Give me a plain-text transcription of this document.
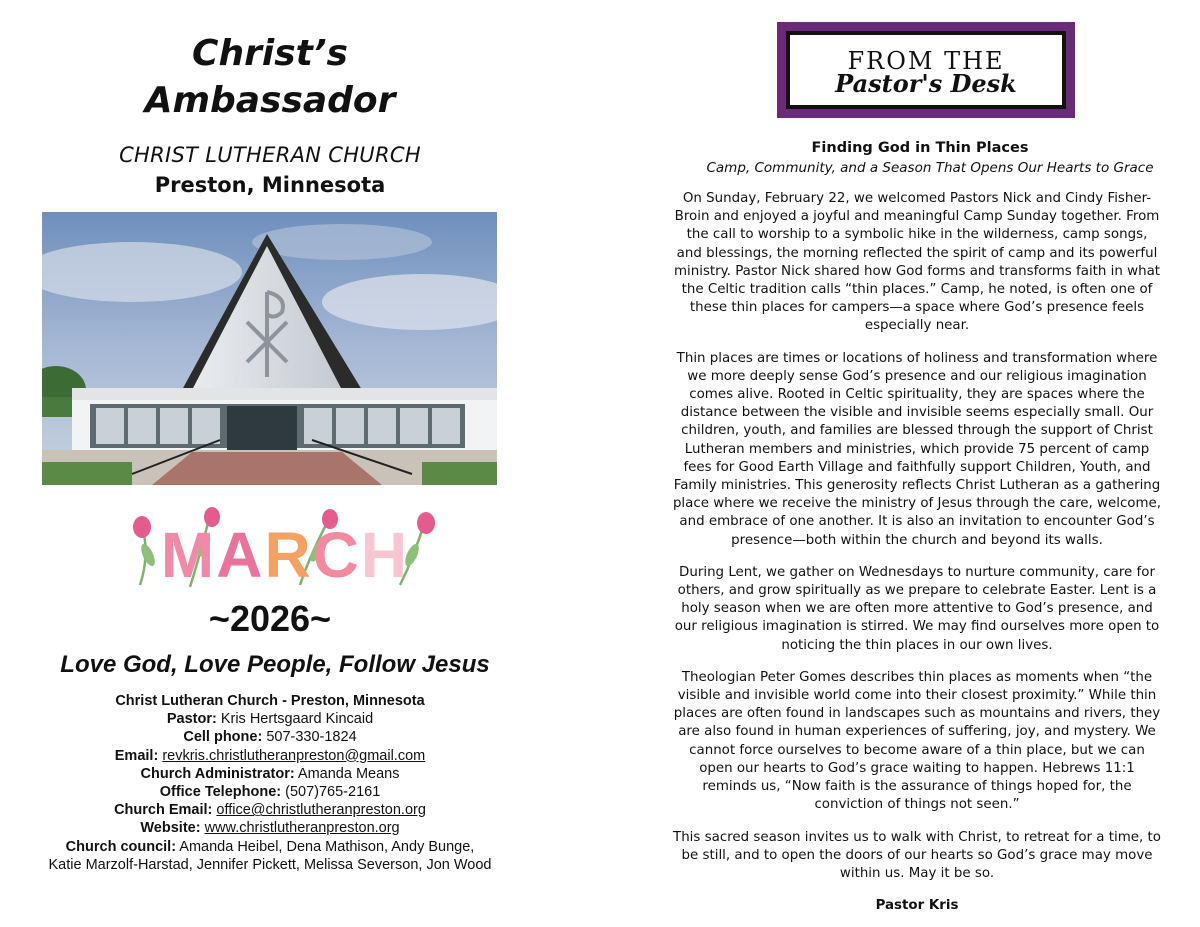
Christ’s
Ambassador
CHRIST LUTHERAN CHURCH
Preston, Minnesota
MARCH
~2026~
Love God, Love People, Follow Jesus
Christ Lutheran Church - Preston, Minnesota
Pastor: Kris Hertsgaard Kincaid
Cell phone: 507-330-1824
Email: revkris.christlutheranpreston@gmail.com
Church Administrator: Amanda Means
Office Telephone: (507)765-2161
Church Email: office@christlutheranpreston.org
Website: www.christlutheranpreston.org
Church council: Amanda Heibel, Dena Mathison, Andy Bunge,
Katie Marzolf-Harstad, Jennifer Pickett, Melissa Severson, Jon Wood
FROM THE
Pastor's Desk
Finding God in Thin Places
Camp, Community, and a Season That Opens Our Hearts to Grace

On Sunday, February 22, we welcomed Pastors Nick and Cindy Fisher-Broin and enjoyed a joyful and meaningful Camp Sunday together. From the call to worship to a symbolic hike in the wilderness, camp songs, and blessings, the morning reflected the spirit of camp and its powerful ministry. Pastor Nick shared how God forms and transforms faith in what the Celtic tradition calls “thin places.” Camp, he noted, is often one of these thin places for campers—a space where God’s presence feels especially near.

Thin places are times or locations of holiness and transformation where we more deeply sense God’s presence and our religious imagination comes alive. Rooted in Celtic spirituality, they are spaces where the distance between the visible and invisible seems especially small. Our children, youth, and families are blessed through the support of Christ Lutheran members and ministries, which provide 75 percent of camp fees for Good Earth Village and faithfully support Children, Youth, and Family ministries. This generosity reflects Christ Lutheran as a gathering place where we receive the ministry of Jesus through the care, welcome, and embrace of one another. It is also an invitation to encounter God’s presence—both within the church and beyond its walls.

During Lent, we gather on Wednesdays to nurture community, care for others, and grow spiritually as we prepare to celebrate Easter. Lent is a holy season when we are often more attentive to God’s presence, and our religious imagination is stirred. We may find ourselves more open to noticing the thin places in our own lives.

Theologian Peter Gomes describes thin places as moments when “the visible and invisible world come into their closest proximity.” While thin places are often found in landscapes such as mountains and rivers, they are also found in human experiences of suffering, joy, and mystery. We cannot force ourselves to become aware of a thin place, but we can open our hearts to God’s grace waiting to happen. Hebrews 11:1 reminds us, “Now faith is the assurance of things hoped for, the conviction of things not seen.”

This sacred season invites us to walk with Christ, to retreat for a time, to be still, and to open the doors of our hearts so God’s grace may move within us. May it be so.

Pastor Kris
